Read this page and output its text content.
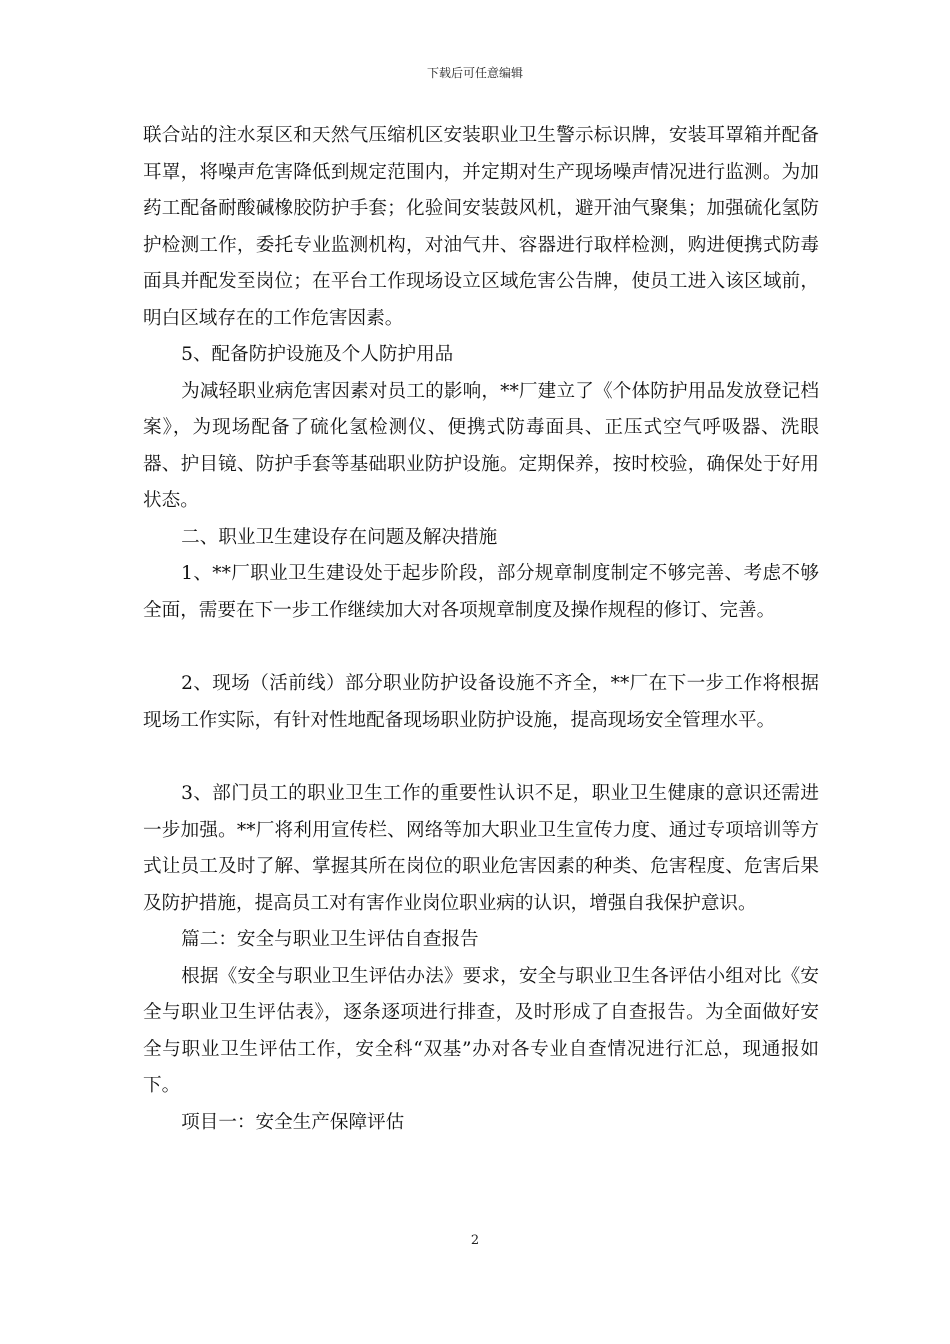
下载后可任意编辑

联合站的注水泵区和天然气压缩机区安装职业卫生警示标识牌，安装耳罩箱并配备耳罩，将噪声危害降低到规定范围内，并定期对生产现场噪声情况进行监测。为加药工配备耐酸碱橡胶防护手套；化验间安装鼓风机，避开油气聚集；加强硫化氢防护检测工作，委托专业监测机构，对油气井、容器进行取样检测，购进便携式防毒面具并配发至岗位；在平台工作现场设立区域危害公告牌，使员工进入该区域前，明白区域存在的工作危害因素。

5、配备防护设施及个人防护用品

为减轻职业病危害因素对员工的影响，**厂建立了《个体防护用品发放登记档案》，为现场配备了硫化氢检测仪、便携式防毒面具、正压式空气呼吸器、洗眼器、护目镜、防护手套等基础职业防护设施。定期保养，按时校验，确保处于好用状态。

二、职业卫生建设存在问题及解决措施

1、**厂职业卫生建设处于起步阶段，部分规章制度制定不够完善、考虑不够全面，需要在下一步工作继续加大对各项规章制度及操作规程的修订、完善。

2、现场（活前线）部分职业防护设备设施不齐全，**厂在下一步工作将根据现场工作实际，有针对性地配备现场职业防护设施，提高现场安全管理水平。

3、部门员工的职业卫生工作的重要性认识不足，职业卫生健康的意识还需进一步加强。**厂将利用宣传栏、网络等加大职业卫生宣传力度、通过专项培训等方式让员工及时了解、掌握其所在岗位的职业危害因素的种类、危害程度、危害后果及防护措施，提高员工对有害作业岗位职业病的认识，增强自我保护意识。

篇二：安全与职业卫生评估自查报告

根据《安全与职业卫生评估办法》要求，安全与职业卫生各评估小组对比《安全与职业卫生评估表》，逐条逐项进行排查，及时形成了自查报告。为全面做好安全与职业卫生评估工作，安全科“双基”办对各专业自查情况进行汇总，现通报如下。

项目一：安全生产保障评估

2
